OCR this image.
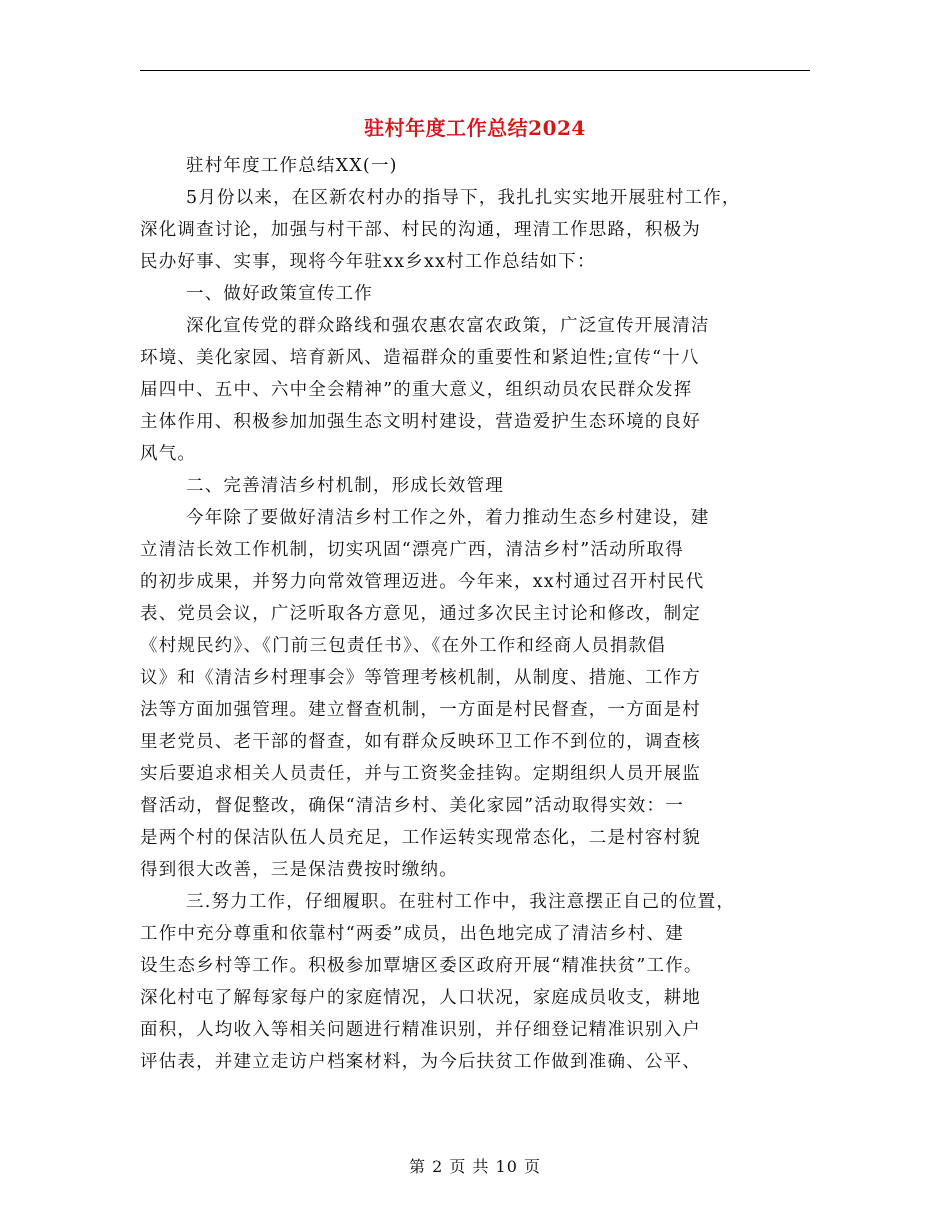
驻村年度工作总结2024
驻村年度工作总结XX(一)
5月份以来，在区新农村办的指导下，我扎扎实实地开展驻村工作，
深化调查讨论，加强与村干部、村民的沟通，理清工作思路，积极为
民办好事、实事，现将今年驻xx乡xx村工作总结如下：
一、做好政策宣传工作
深化宣传党的群众路线和强农惠农富农政策，广泛宣传开展清洁
环境、美化家园、培育新风、造福群众的重要性和紧迫性;宣传“十八
届四中、五中、六中全会精神”的重大意义，组织动员农民群众发挥
主体作用、积极参加加强生态文明村建设，营造爱护生态环境的良好
风气。
二、完善清洁乡村机制，形成长效管理
今年除了要做好清洁乡村工作之外，着力推动生态乡村建设，建
立清洁长效工作机制，切实巩固“漂亮广西，清洁乡村”活动所取得
的初步成果，并努力向常效管理迈进。今年来，xx村通过召开村民代
表、党员会议，广泛听取各方意见，通过多次民主讨论和修改，制定
《村规民约》、《门前三包责任书》、《在外工作和经商人员捐款倡
议》和《清洁乡村理事会》等管理考核机制，从制度、措施、工作方
法等方面加强管理。建立督查机制，一方面是村民督查，一方面是村
里老党员、老干部的督查，如有群众反映环卫工作不到位的，调查核
实后要追求相关人员责任，并与工资奖金挂钩。定期组织人员开展监
督活动，督促整改，确保“清洁乡村、美化家园”活动取得实效：一
是两个村的保洁队伍人员充足，工作运转实现常态化，二是村容村貌
得到很大改善，三是保洁费按时缴纳。
三.努力工作，仔细履职。在驻村工作中，我注意摆正自己的位置，
工作中充分尊重和依靠村“两委”成员，出色地完成了清洁乡村、建
设生态乡村等工作。积极参加覃塘区委区政府开展“精准扶贫”工作。
深化村屯了解每家每户的家庭情况，人口状况，家庭成员收支，耕地
面积，人均收入等相关问题进行精准识别，并仔细登记精准识别入户
评估表，并建立走访户档案材料，为今后扶贫工作做到准确、公平、
第 2 页 共 10 页
